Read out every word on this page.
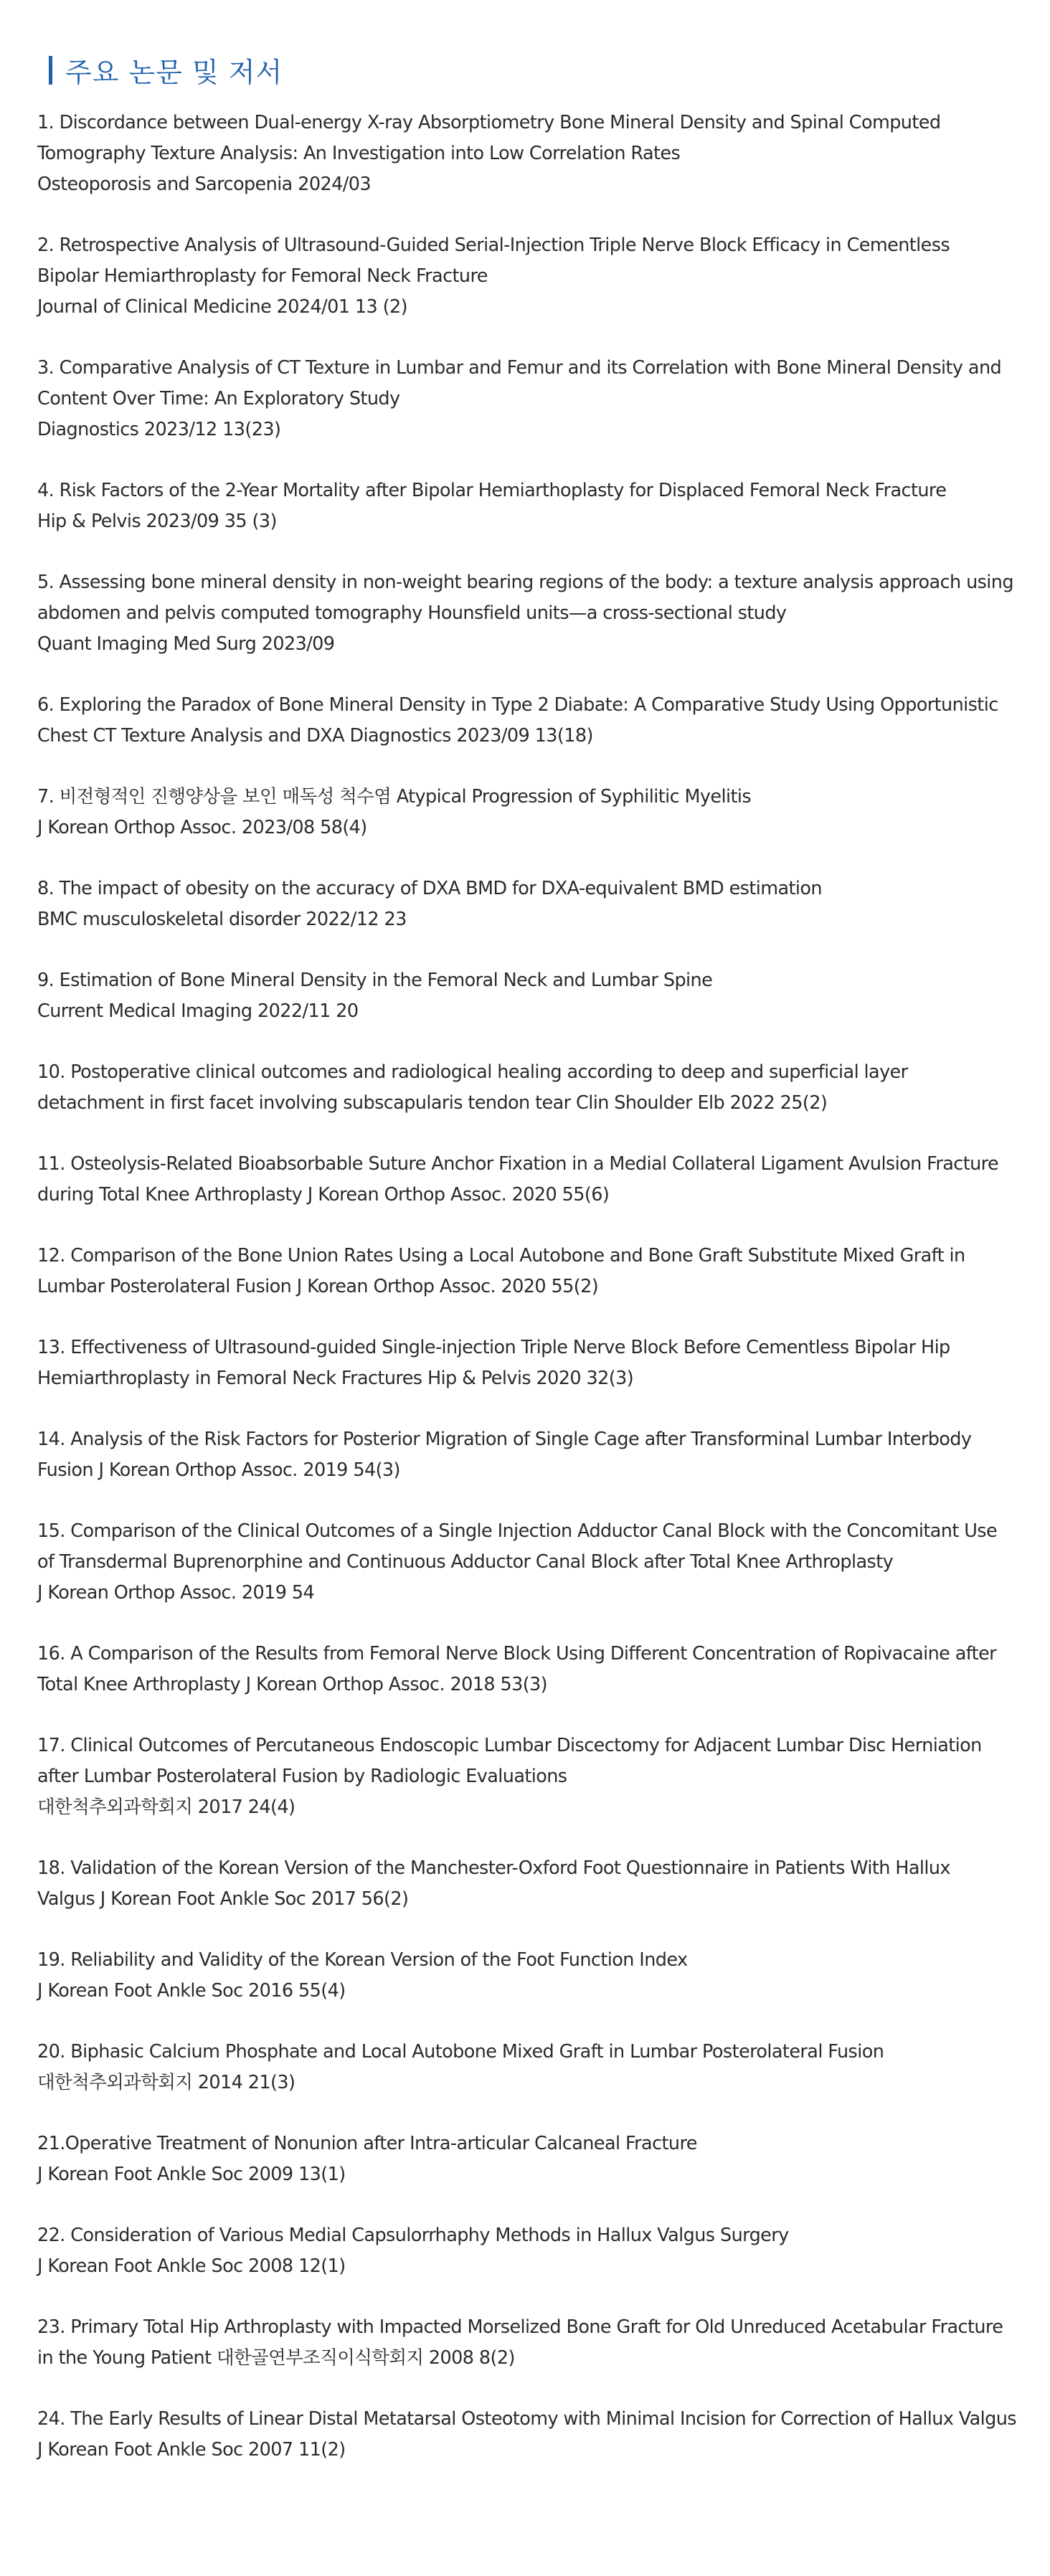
주요 논문 및 저서
1. Discordance between Dual-energy X-ray Absorptiometry Bone Mineral Density and Spinal Computed
Tomography Texture Analysis: An Investigation into Low Correlation Rates
Osteoporosis and Sarcopenia 2024/03
2. Retrospective Analysis of Ultrasound-Guided Serial-Injection Triple Nerve Block Efficacy in Cementless
Bipolar Hemiarthroplasty for Femoral Neck Fracture
Journal of Clinical Medicine 2024/01 13 (2)
3. Comparative Analysis of CT Texture in Lumbar and Femur and its Correlation with Bone Mineral Density and
Content Over Time: An Exploratory Study
Diagnostics 2023/12 13(23)
4. Risk Factors of the 2-Year Mortality after Bipolar Hemiarthoplasty for Displaced Femoral Neck Fracture
Hip & Pelvis 2023/09 35 (3)
5. Assessing bone mineral density in non-weight bearing regions of the body: a texture analysis approach using
abdomen and pelvis computed tomography Hounsfield units—a cross-sectional study
Quant Imaging Med Surg 2023/09
6. Exploring the Paradox of Bone Mineral Density in Type 2 Diabate: A Comparative Study Using Opportunistic
Chest CT Texture Analysis and DXA Diagnostics 2023/09 13(18)
7. 비전형적인 진행양상을 보인 매독성 척수염 Atypical Progression of Syphilitic Myelitis
J Korean Orthop Assoc. 2023/08 58(4)
8. The impact of obesity on the accuracy of DXA BMD for DXA-equivalent BMD estimation
BMC musculoskeletal disorder 2022/12 23
9. Estimation of Bone Mineral Density in the Femoral Neck and Lumbar Spine
Current Medical Imaging 2022/11 20
10. Postoperative clinical outcomes and radiological healing according to deep and superficial layer
detachment in first facet involving subscapularis tendon tear Clin Shoulder Elb 2022 25(2)
11. Osteolysis-Related Bioabsorbable Suture Anchor Fixation in a Medial Collateral Ligament Avulsion Fracture
during Total Knee Arthroplasty J Korean Orthop Assoc. 2020 55(6)
12. Comparison of the Bone Union Rates Using a Local Autobone and Bone Graft Substitute Mixed Graft in
Lumbar Posterolateral Fusion J Korean Orthop Assoc. 2020 55(2)
13. Effectiveness of Ultrasound-guided Single-injection Triple Nerve Block Before Cementless Bipolar Hip
Hemiarthroplasty in Femoral Neck Fractures Hip & Pelvis 2020 32(3)
14. Analysis of the Risk Factors for Posterior Migration of Single Cage after Transforminal Lumbar Interbody
Fusion J Korean Orthop Assoc. 2019 54(3)
15. Comparison of the Clinical Outcomes of a Single Injection Adductor Canal Block with the Concomitant Use
of Transdermal Buprenorphine and Continuous Adductor Canal Block after Total Knee Arthroplasty
J Korean Orthop Assoc. 2019 54
16. A Comparison of the Results from Femoral Nerve Block Using Different Concentration of Ropivacaine after
Total Knee Arthroplasty J Korean Orthop Assoc. 2018 53(3)
17. Clinical Outcomes of Percutaneous Endoscopic Lumbar Discectomy for Adjacent Lumbar Disc Herniation
after Lumbar Posterolateral Fusion by Radiologic Evaluations
대한척추외과학회지 2017 24(4)
18. Validation of the Korean Version of the Manchester-Oxford Foot Questionnaire in Patients With Hallux
Valgus J Korean Foot Ankle Soc 2017 56(2)
19. Reliability and Validity of the Korean Version of the Foot Function Index
J Korean Foot Ankle Soc 2016 55(4)
20. Biphasic Calcium Phosphate and Local Autobone Mixed Graft in Lumbar Posterolateral Fusion
대한척추외과학회지 2014 21(3)
21.Operative Treatment of Nonunion after Intra-articular Calcaneal Fracture
J Korean Foot Ankle Soc 2009 13(1)
22. Consideration of Various Medial Capsulorrhaphy Methods in Hallux Valgus Surgery
J Korean Foot Ankle Soc 2008 12(1)
23. Primary Total Hip Arthroplasty with Impacted Morselized Bone Graft for Old Unreduced Acetabular Fracture
in the Young Patient 대한골연부조직이식학회지 2008 8(2)
24. The Early Results of Linear Distal Metatarsal Osteotomy with Minimal Incision for Correction of Hallux Valgus
J Korean Foot Ankle Soc 2007 11(2)
